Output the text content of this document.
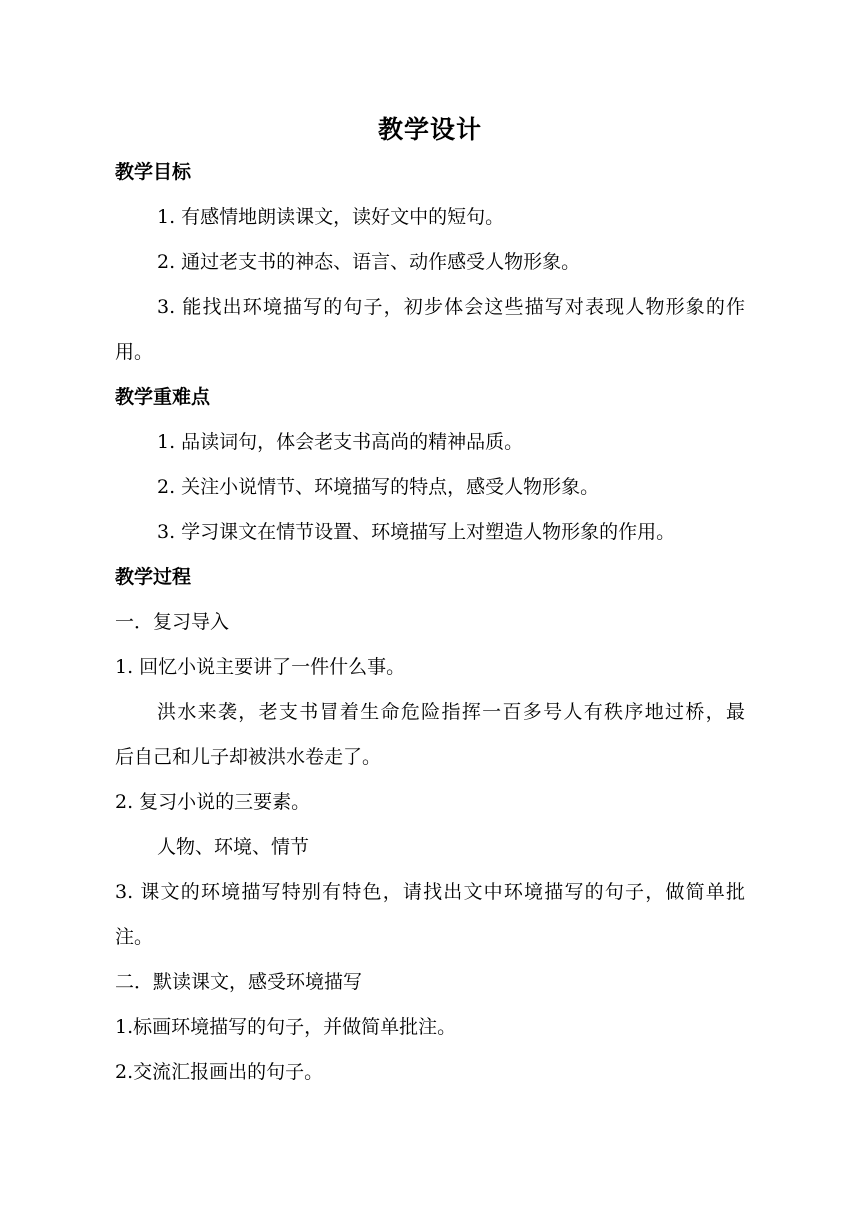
教学设计
教学目标
1. 有感情地朗读课文，读好文中的短句。
2. 通过老支书的神态、语言、动作感受人物形象。
3. 能找出环境描写的句子，初步体会这些描写对表现人物形象的作
用。
教学重难点
1. 品读词句，体会老支书高尚的精神品质。
2. 关注小说情节、环境描写的特点，感受人物形象。
3. 学习课文在情节设置、环境描写上对塑造人物形象的作用。
教学过程
一．复习导入
1. 回忆小说主要讲了一件什么事。
洪水来袭，老支书冒着生命危险指挥一百多号人有秩序地过桥，最
后自己和儿子却被洪水卷走了。
2. 复习小说的三要素。
人物、环境、情节
3. 课文的环境描写特别有特色，请找出文中环境描写的句子，做简单批
注。
二．默读课文，感受环境描写
1.标画环境描写的句子，并做简单批注。
2.交流汇报画出的句子。
